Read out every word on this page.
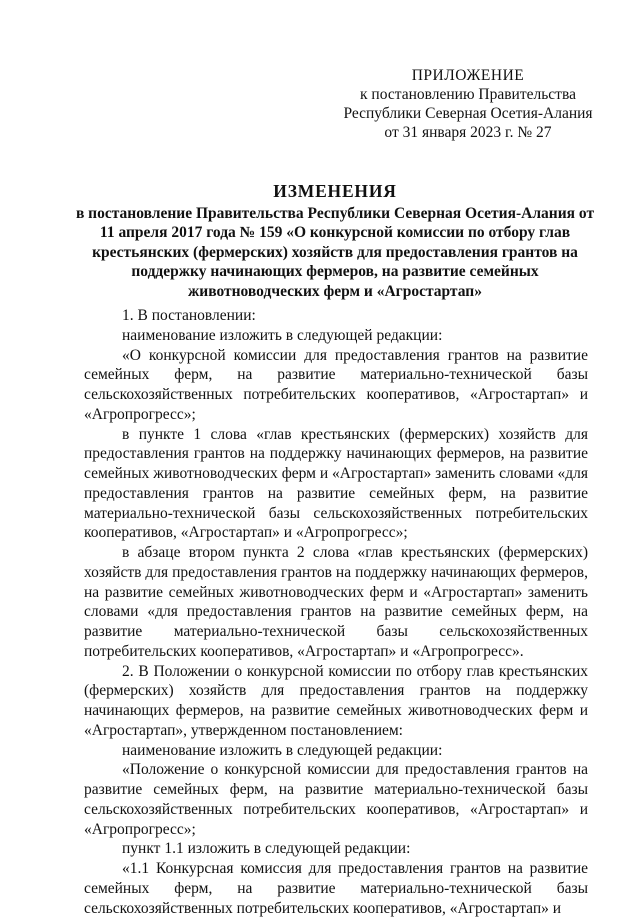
ПРИЛОЖЕНИЕ
к постановлению Правительства
Республики Северная Осетия-Алания
от 31 января 2023 г. № 27
ИЗМЕНЕНИЯ
в постановление Правительства Республики Северная Осетия-Алания от 11 апреля 2017 года № 159 «О конкурсной комиссии по отбору глав крестьянских (фермерских) хозяйств для предоставления грантов на поддержку начинающих фермеров, на развитие семейных животноводческих ферм и «Агростартап»
1. В постановлении:
наименование изложить в следующей редакции:
«О конкурсной комиссии для предоставления грантов на развитие семейных ферм, на развитие материально-технической базы сельскохозяйственных потребительских кооперативов, «Агростартап» и «Агропрогресс»;
в пункте 1 слова «глав крестьянских (фермерских) хозяйств для предоставления грантов на поддержку начинающих фермеров, на развитие семейных животноводческих ферм и «Агростартап» заменить словами «для предоставления грантов на развитие семейных ферм, на развитие материально-технической базы сельскохозяйственных потребительских кооперативов, «Агростартап» и «Агропрогресс»;
в абзаце втором пункта 2 слова «глав крестьянских (фермерских) хозяйств для предоставления грантов на поддержку начинающих фермеров, на развитие семейных животноводческих ферм и «Агростартап» заменить словами «для предоставления грантов на развитие семейных ферм, на развитие материально-технической базы сельскохозяйственных потребительских кооперативов, «Агростартап» и «Агропрогресс».
2. В Положении о конкурсной комиссии по отбору глав крестьянских (фермерских) хозяйств для предоставления грантов на поддержку начинающих фермеров, на развитие семейных животноводческих ферм и «Агростартап», утвержденном постановлением:
наименование изложить в следующей редакции:
«Положение о конкурсной комиссии для предоставления грантов на развитие семейных ферм, на развитие материально-технической базы сельскохозяйственных потребительских кооперативов, «Агростартап» и «Агропрогресс»;
пункт 1.1 изложить в следующей редакции:
«1.1 Конкурсная комиссия для предоставления грантов на развитие семейных ферм, на развитие материально-технической базы сельскохозяйственных потребительских кооперативов, «Агростартап» и
